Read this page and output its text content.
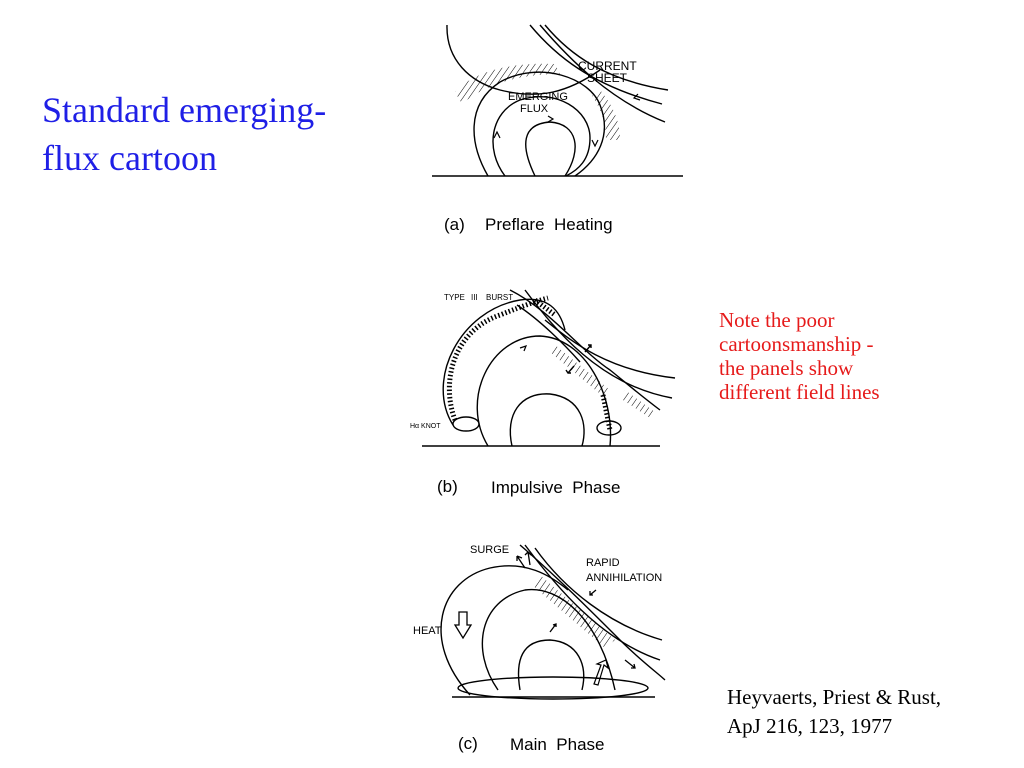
Standard emerging-
flux cartoon
Note the poor
cartoonsmanship -
the panels show
different field lines
Heyvaerts, Priest & Rust,
ApJ 216, 123, 1977
CURRENT
SHEET
EMERGING
FLUX
(a) Preflare  Heating
TYPE III BURST
Hα KNOT
(b) Impulsive  Phase
SURGE
RAPID
ANNIHILATION
HEAT
(c) Main  Phase
